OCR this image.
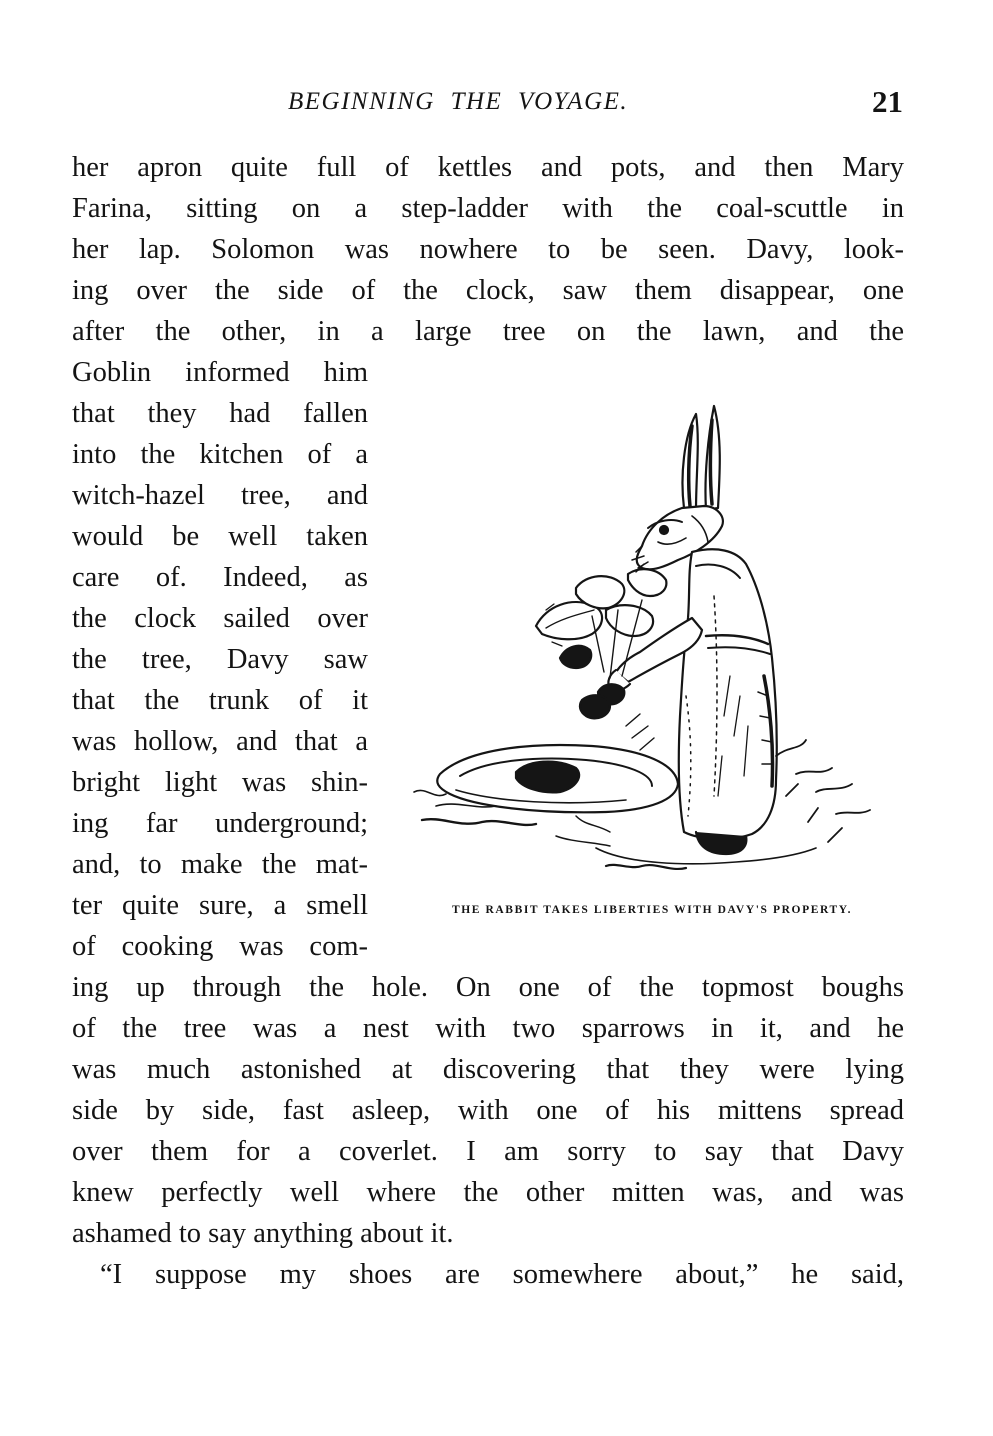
BEGINNING THE VOYAGE.	21
her apron quite full of kettles and pots, and then Mary
Farina, sitting on a step-ladder with the coal-scuttle in
her lap. Solomon was nowhere to be seen. Davy, look-
ing over the side of the clock, saw them disappear, one
after the other, in a large tree on the lawn, and the
Goblin informed him
that they had fallen
into the kitchen of a
witch-hazel tree, and
would be well taken
care of. Indeed, as
the clock sailed over
the tree, Davy saw
that the trunk of it
was hollow, and that a
bright light was shin-
ing far underground;
and, to make the mat-
ter quite sure, a smell
of cooking was com-
ing up through the hole. On one of the topmost boughs
of the tree was a nest with two sparrows in it, and he
was much astonished at discovering that they were lying
side by side, fast asleep, with one of his mittens spread
over them for a coverlet. I am sorry to say that Davy
knew perfectly well where the other mitten was, and was
ashamed to say anything about it.
“I suppose my shoes are somewhere about,” he said,
THE RABBIT TAKES LIBERTIES WITH DAVY'S PROPERTY.
